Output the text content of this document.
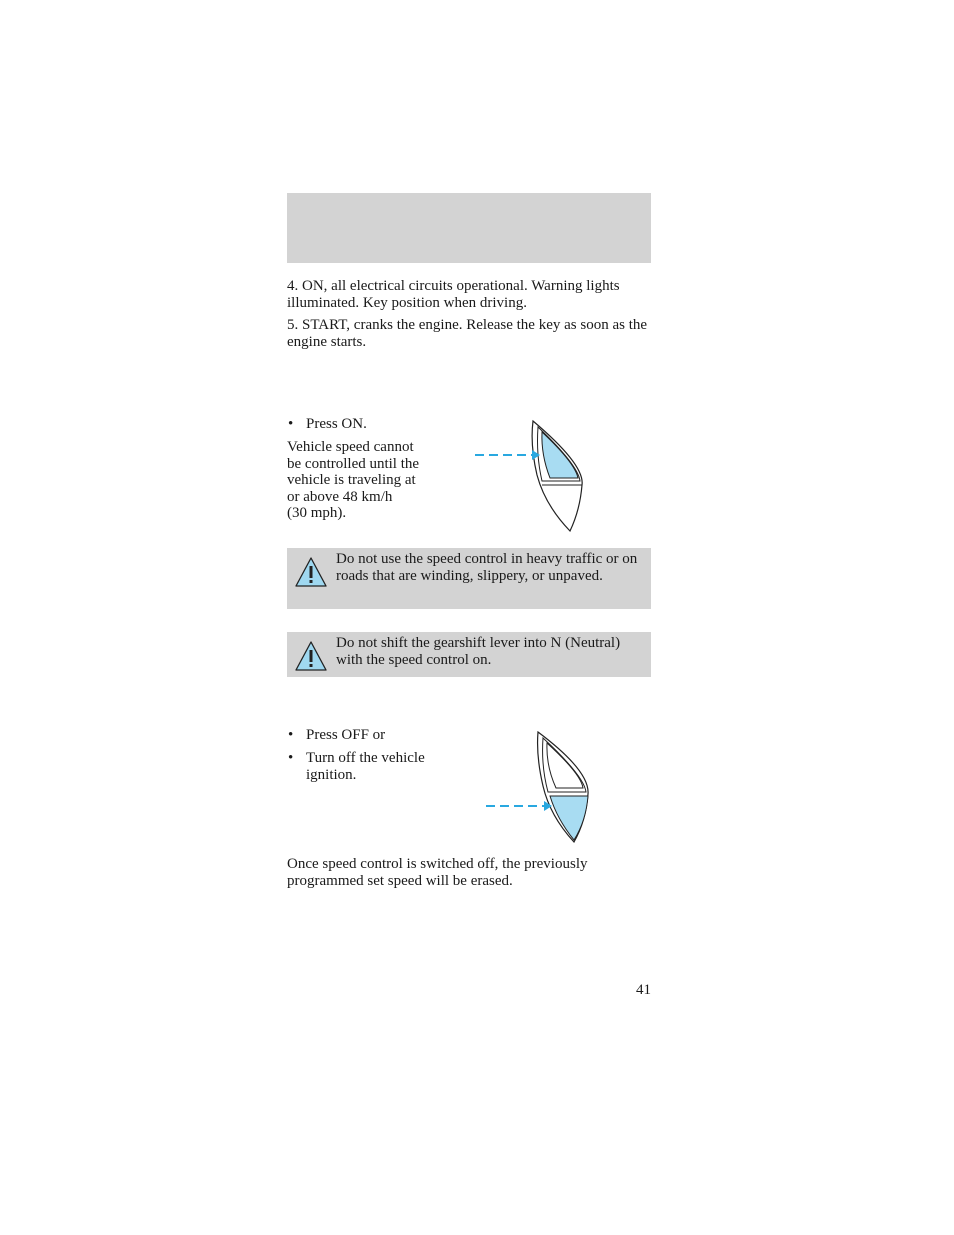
4. ON, all electrical circuits operational. Warning lights illuminated. Key position when driving.

5. START, cranks the engine. Release the key as soon as the engine starts.

• Press ON.
Vehicle speed cannot
be controlled until the
vehicle is traveling at
or above 48 km/h
(30 mph).

Do not use the speed control in heavy traffic or on roads that are winding, slippery, or unpaved.

Do not shift the gearshift lever into N (Neutral) with the speed control on.

• Press OFF or
• Turn off the vehicle ignition.

Once speed control is switched off, the previously programmed set speed will be erased.

41
